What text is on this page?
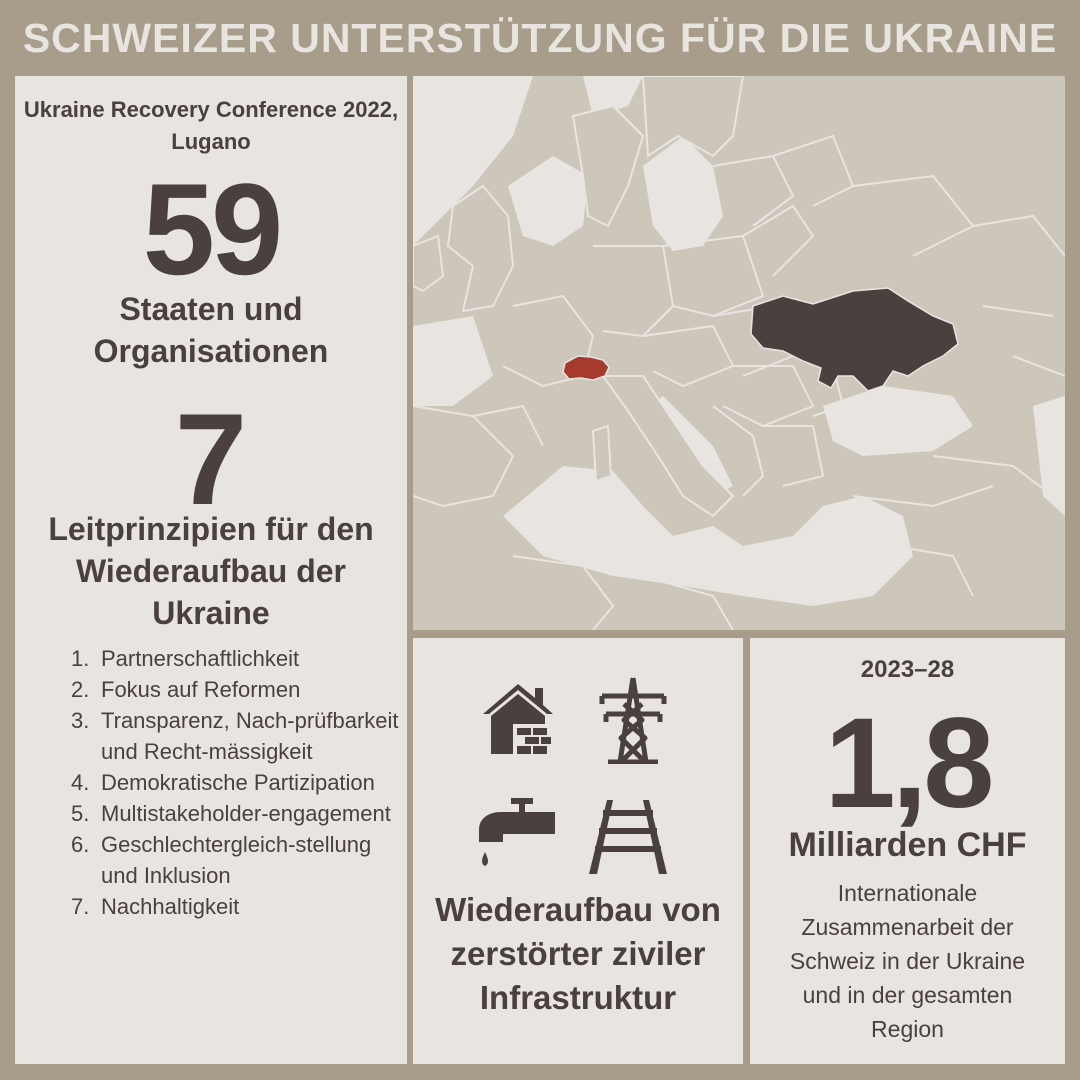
SCHWEIZER UNTERSTÜTZUNG FÜR DIE UKRAINE
Ukraine Recovery Conference 2022, Lugano
59
Staaten und Organisationen
7
Leitprinzipien für den Wiederaufbau der Ukraine
1. Partnerschaftlichkeit
2. Fokus auf Reformen
3. Transparenz, Nach-prüfbarkeit und Recht-mässigkeit
4. Demokratische Partizipation
5. Multistakeholder-engagement
6. Geschlechtergleich-stellung und Inklusion
7. Nachhaltigkeit	Wiederaufbau von zerstörter ziviler Infrastruktur
2023–28
1,8
Milliarden CHF
Internationale Zusammenarbeit der Schweiz in der Ukraine und in der gesamten Region
